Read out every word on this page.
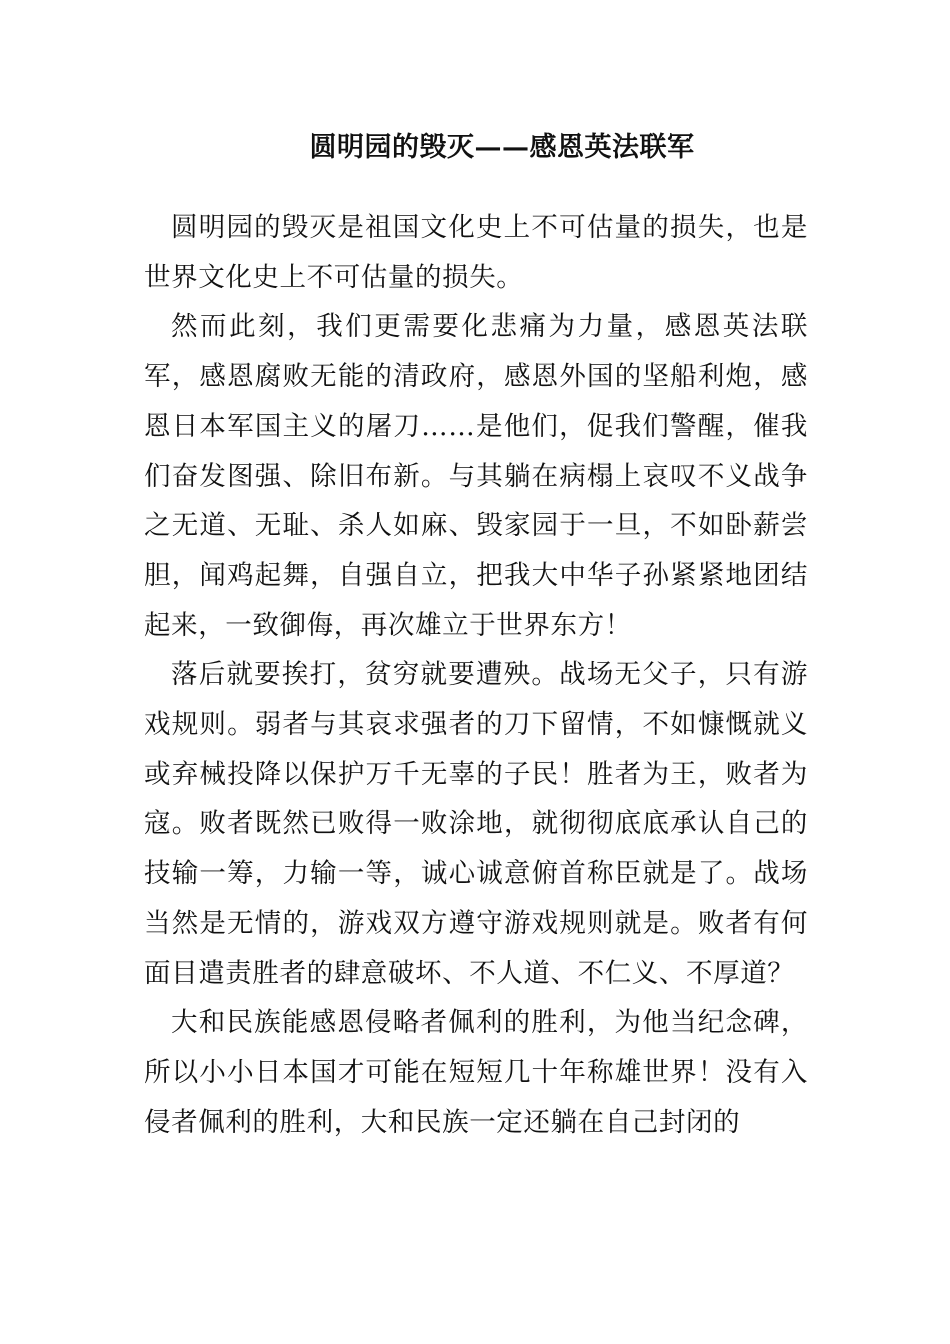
圆明园的毁灭——感恩英法联军

圆明园的毁灭是祖国文化史上不可估量的损失，也是世界文化史上不可估量的损失。

然而此刻，我们更需要化悲痛为力量，感恩英法联军，感恩腐败无能的清政府，感恩外国的坚船利炮，感恩日本军国主义的屠刀……是他们，促我们警醒，催我们奋发图强、除旧布新。与其躺在病榻上哀叹不义战争之无道、无耻、杀人如麻、毁家园于一旦，不如卧薪尝胆，闻鸡起舞，自强自立，把我大中华子孙紧紧地团结起来，一致御侮，再次雄立于世界东方！

落后就要挨打，贫穷就要遭殃。战场无父子，只有游戏规则。弱者与其哀求强者的刀下留情，不如慷慨就义或弃械投降以保护万千无辜的子民！胜者为王，败者为寇。败者既然已败得一败涂地，就彻彻底底承认自己的技输一筹，力输一等，诚心诚意俯首称臣就是了。战场当然是无情的，游戏双方遵守游戏规则就是。败者有何面目遣责胜者的肆意破坏、不人道、不仁义、不厚道？

大和民族能感恩侵略者佩利的胜利，为他当纪念碑，所以小小日本国才可能在短短几十年称雄世界！没有入侵者佩利的胜利，大和民族一定还躺在自己封闭的
